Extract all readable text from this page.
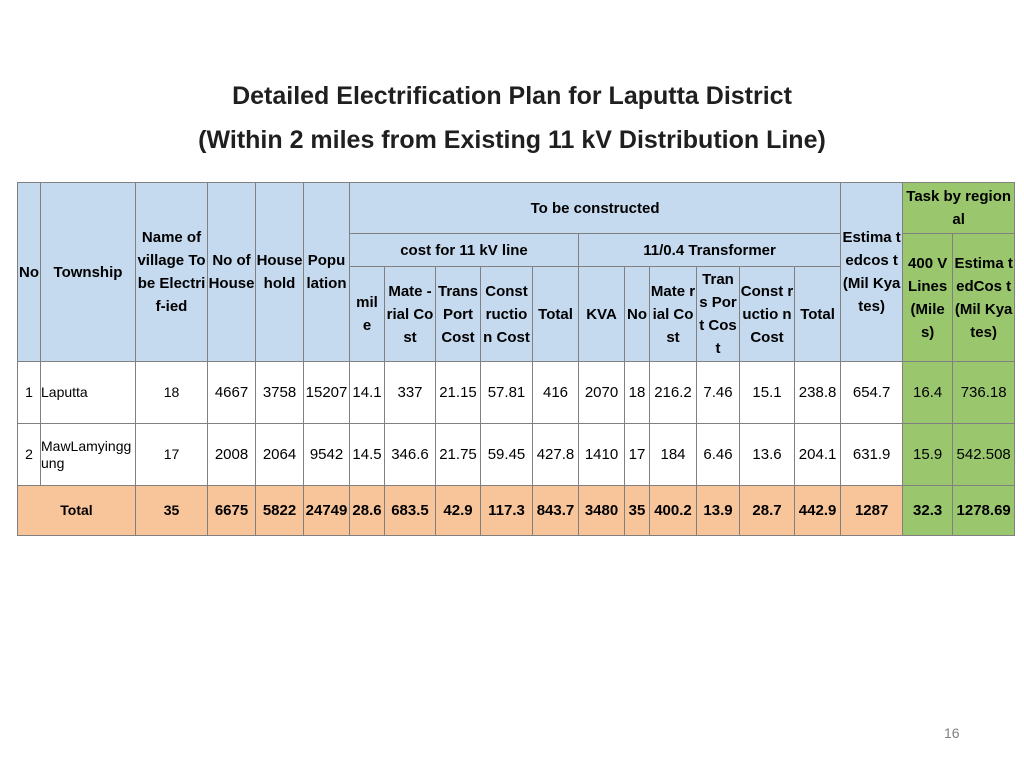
Detailed Electrification Plan for Laputta District
(Within 2 miles from Existing 11 kV Distribution Line)
No	Township	Name of village To be Electrif-ied	No of House	House hold	Popu lation	To be constructed											Estima tedcos t (Mil Kyates)	Task by regional	
						cost for 11 kV line					11/0.4 Transformer							400 V Lines (Mile s)	Estima tedCos t (Mil Kyates)
						mil e	Mate - rial Cost	Trans Port Cost	Const ructio n Cost	Total	KVA	No	Mate rial Cost	Tran s Port Cost	Const ructio n Cost	Total			
1	Laputta	18	4667	3758	15207	14.1	337	21.15	57.81	416	2070	18	216.2	7.46	15.1	238.8	654.7	16.4	736.18
2	MawLamyinggung	17	2008	2064	9542	14.5	346.6	21.75	59.45	427.8	1410	17	184	6.46	13.6	204.1	631.9	15.9	542.508
Total		35	6675	5822	24749	28.6	683.5	42.9	117.3	843.7	3480	35	400.2	13.9	28.7	442.9	1287	32.3	1278.69
16
